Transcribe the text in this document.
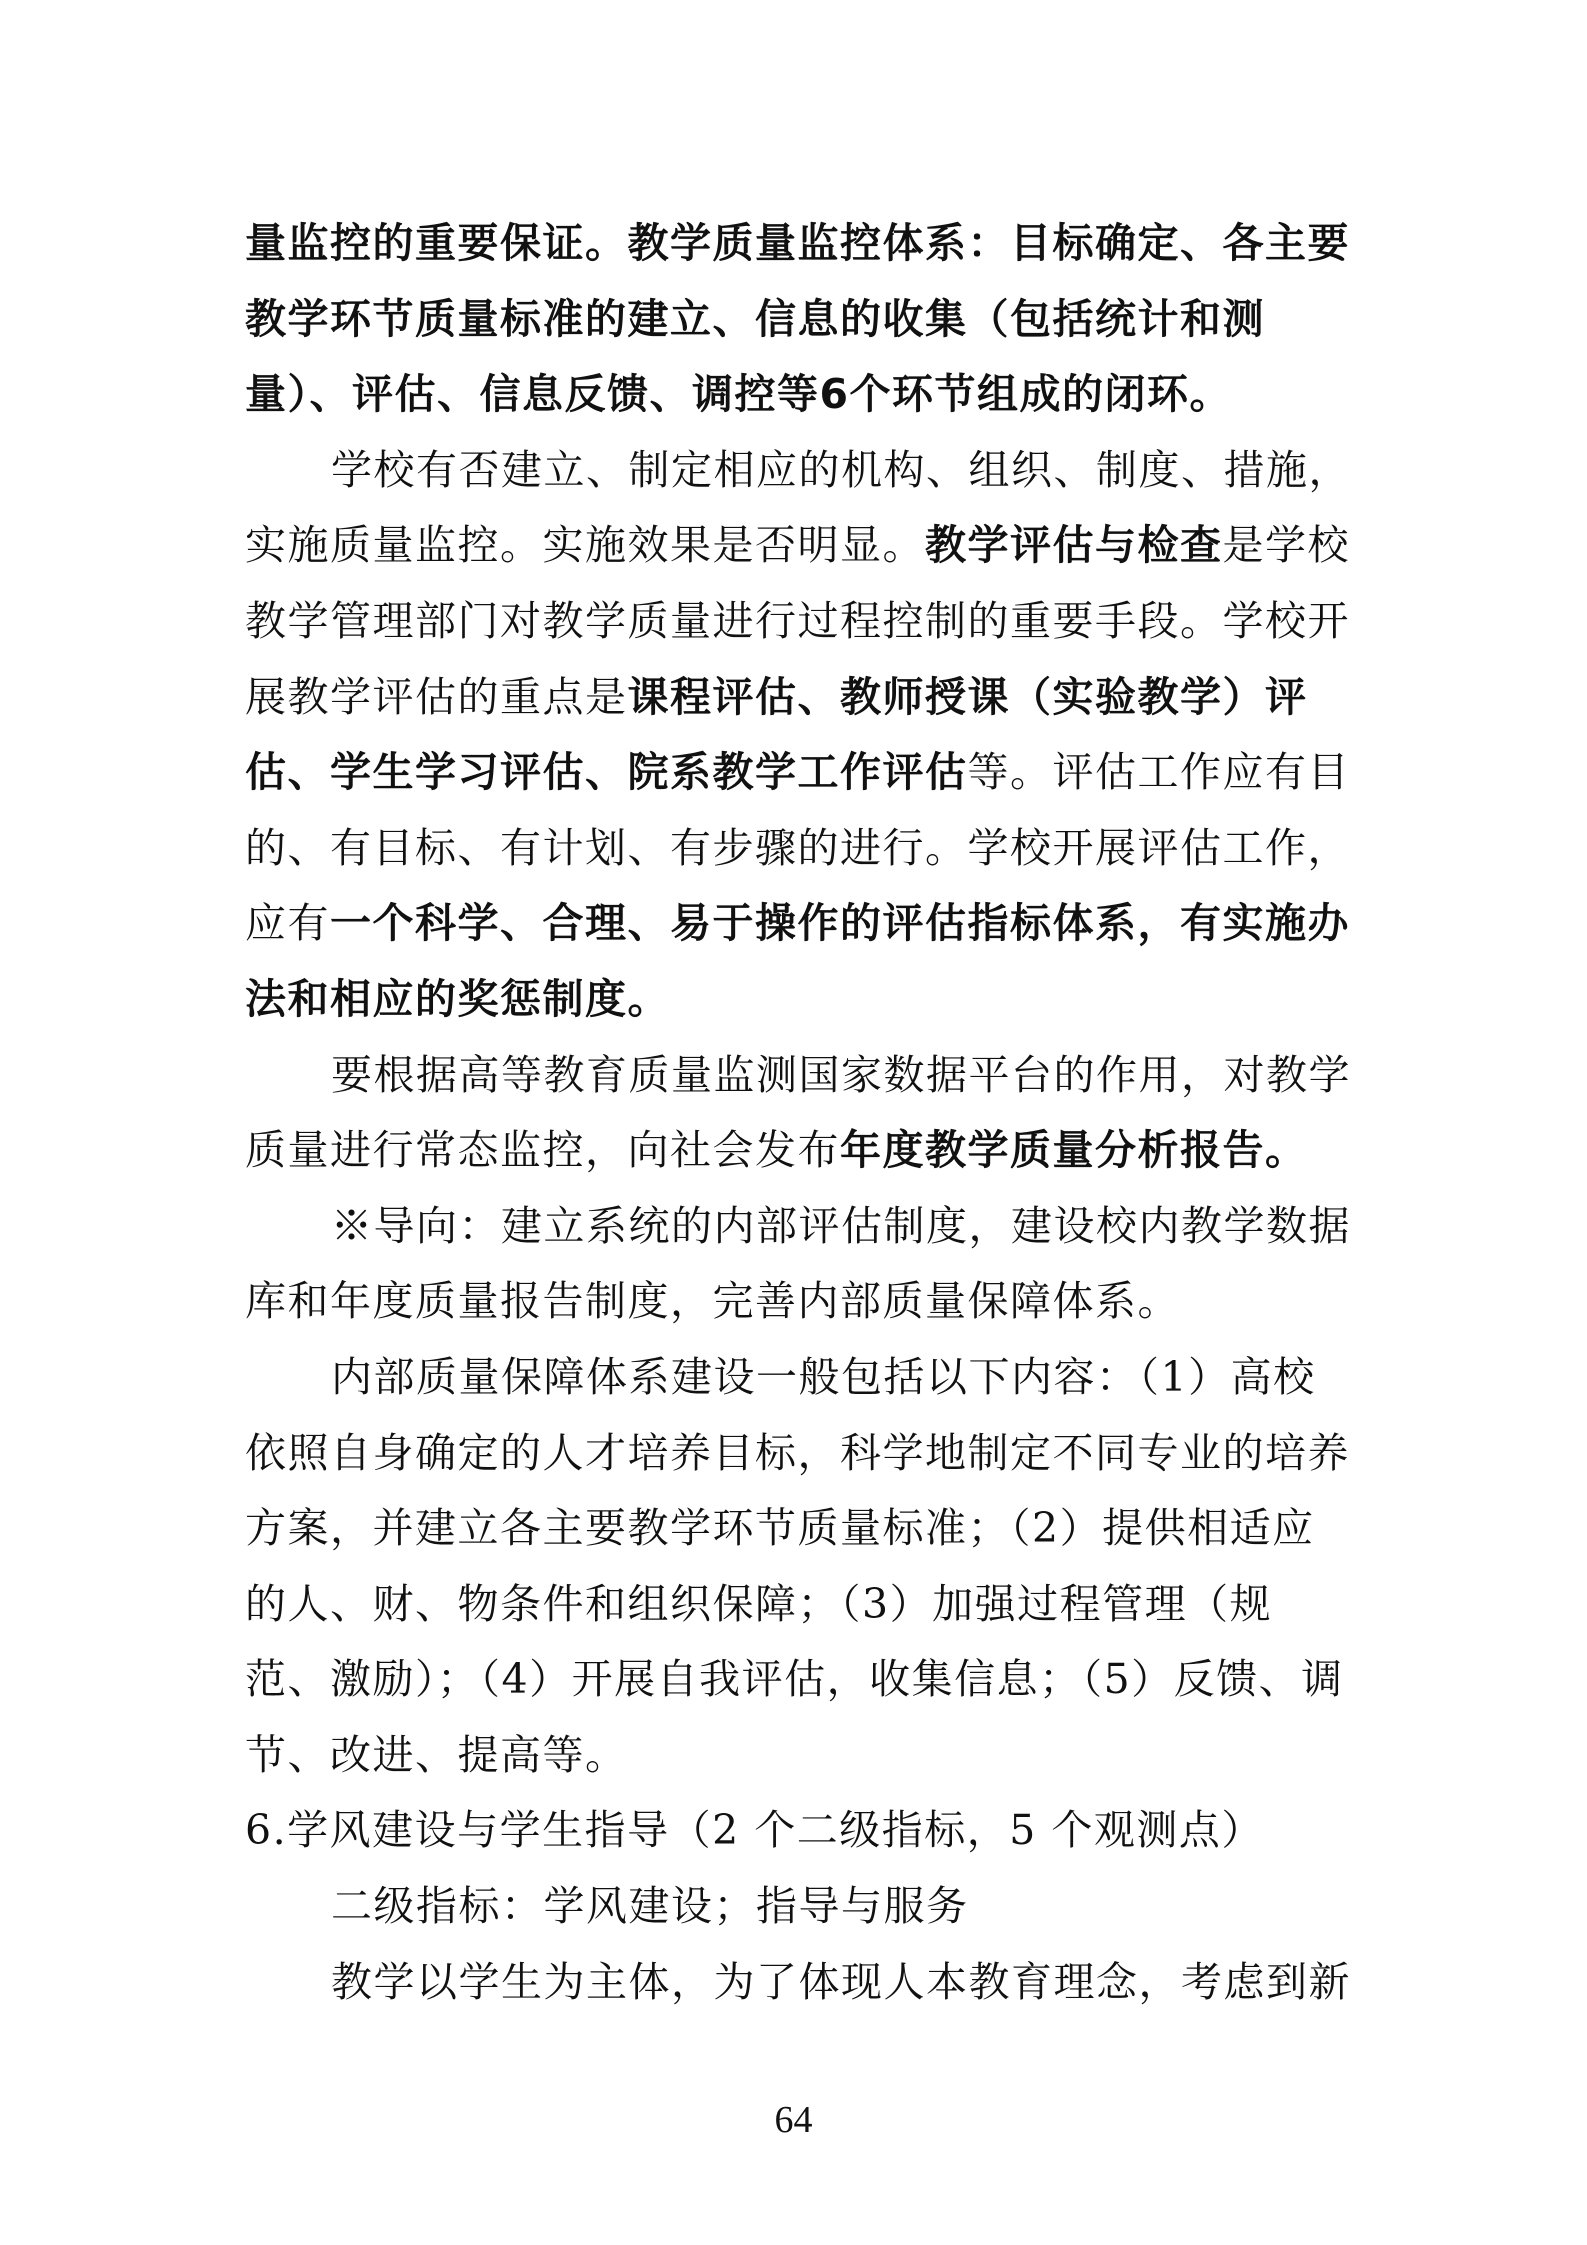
量监控的重要保证。教学质量监控体系：目标确定、各主要教学环节质量标准的建立、信息的收集（包括统计和测量）、评估、信息反馈、调控等6个环节组成的闭环。

学校有否建立、制定相应的机构、组织、制度、措施，实施质量监控。实施效果是否明显。教学评估与检查是学校教学管理部门对教学质量进行过程控制的重要手段。学校开展教学评估的重点是课程评估、教师授课（实验教学）评估、学生学习评估、院系教学工作评估等。评估工作应有目的、有目标、有计划、有步骤的进行。学校开展评估工作，应有一个科学、合理、易于操作的评估指标体系，有实施办法和相应的奖惩制度。

要根据高等教育质量监测国家数据平台的作用，对教学质量进行常态监控，向社会发布年度教学质量分析报告。

※导向：建立系统的内部评估制度，建设校内教学数据库和年度质量报告制度，完善内部质量保障体系。

内部质量保障体系建设一般包括以下内容：（1）高校依照自身确定的人才培养目标，科学地制定不同专业的培养方案，并建立各主要教学环节质量标准；（2）提供相适应的人、财、物条件和组织保障；（3）加强过程管理（规范、激励）；（4）开展自我评估，收集信息；（5）反馈、调节、改进、提高等。

6.学风建设与学生指导（2 个二级指标，5 个观测点）

二级指标：学风建设；指导与服务

教学以学生为主体，为了体现人本教育理念，考虑到新

64
